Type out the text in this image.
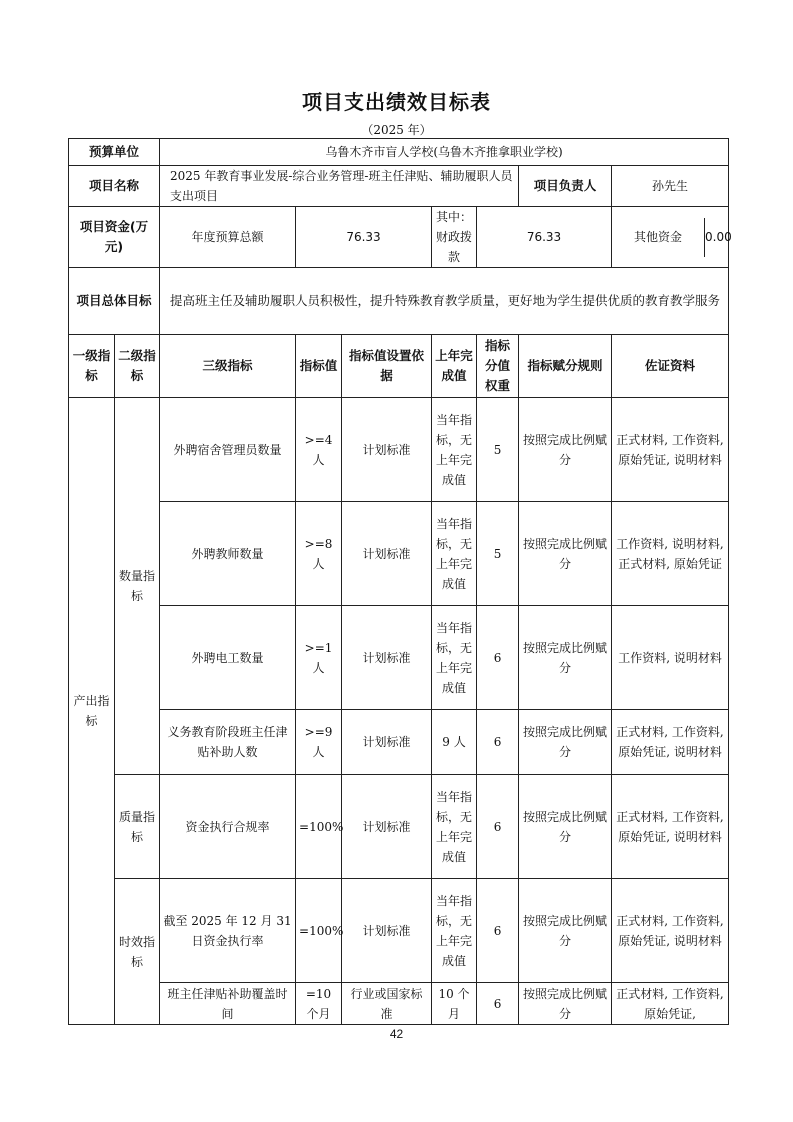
项目支出绩效目标表
（2025 年）
预算单位		乌鲁木齐市盲人学校(乌鲁木齐推拿职业学校)						
项目名称		2025 年教育事业发展-综合业务管理-班主任津贴、辅助履职人员支出项目					项目负责人	孙先生
项目资金(万元)		年度预算总额	76.33		其中：财政拨款	76.33		其他资金 0.00

项目总体目标		提高班主任及辅助履职人员积极性，提升特殊教育教学质量，更好地为学生提供优质的教育教学服务						
一级指标	二级指标	三级指标	指标值	指标值设置依据	上年完成值	指标分值权重	指标赋分规则	佐证资料
产出指标	数量指标	外聘宿舍管理员数量	>=4人	计划标准	当年指标，无上年完成值	5	按照完成比例赋分	正式材料, 工作资料, 原始凭证, 说明材料
		外聘教师数量	>=8人	计划标准	当年指标，无上年完成值	5	按照完成比例赋分	工作资料, 说明材料, 正式材料, 原始凭证
		外聘电工数量	>=1人	计划标准	当年指标，无上年完成值	6	按照完成比例赋分	工作资料, 说明材料
		义务教育阶段班主任津贴补助人数	>=9人	计划标准	9 人	6	按照完成比例赋分	正式材料, 工作资料, 原始凭证, 说明材料
	质量指标	资金执行合规率	=100%	计划标准	当年指标，无上年完成值	6	按照完成比例赋分	正式材料, 工作资料, 原始凭证, 说明材料
	时效指标	截至 2025 年 12 月 31 日资金执行率	=100%	计划标准	当年指标，无上年完成值	6	按照完成比例赋分	正式材料, 工作资料, 原始凭证, 说明材料
		班主任津贴补助覆盖时间	=10 个月	行业或国家标准	10 个月	6	按照完成比例赋分	正式材料, 工作资料, 原始凭证,
42
